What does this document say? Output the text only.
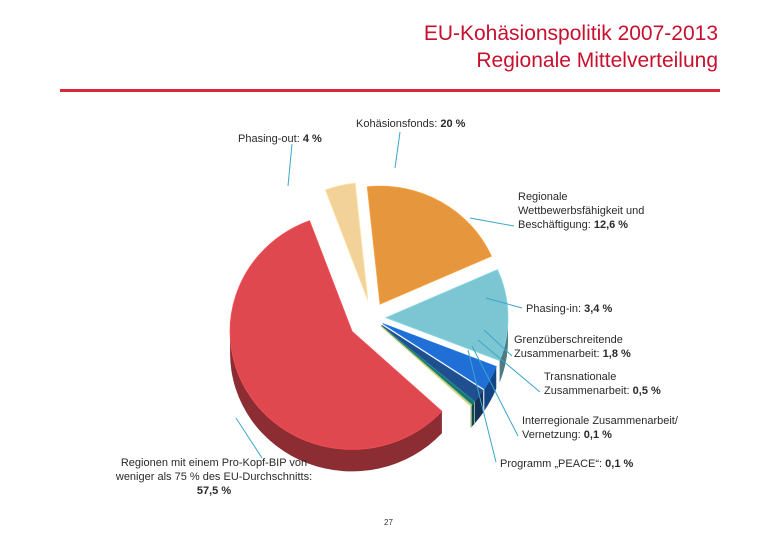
EU-Kohäsionspolitik 2007-2013
Regionale Mittelverteilung
Kohäsionsfonds: 20 %
Regionale Wettbewerbsfähigkeit und Beschäftigung: 12,6 %
Phasing-in: 3,4 %
Grenzüberschreitende Zusammenarbeit: 1,8 %
Transnationale Zusammenarbeit: 0,5 %
Interregionale Zusammenarbeit/ Vernetzung: 0,1 %
Programm „PEACE“: 0,1 %
Regionen mit einem Pro-Kopf-BIP von weniger als 75 % des EU-Durchschnitts: 57,5 %
Phasing-out: 4 %
27
